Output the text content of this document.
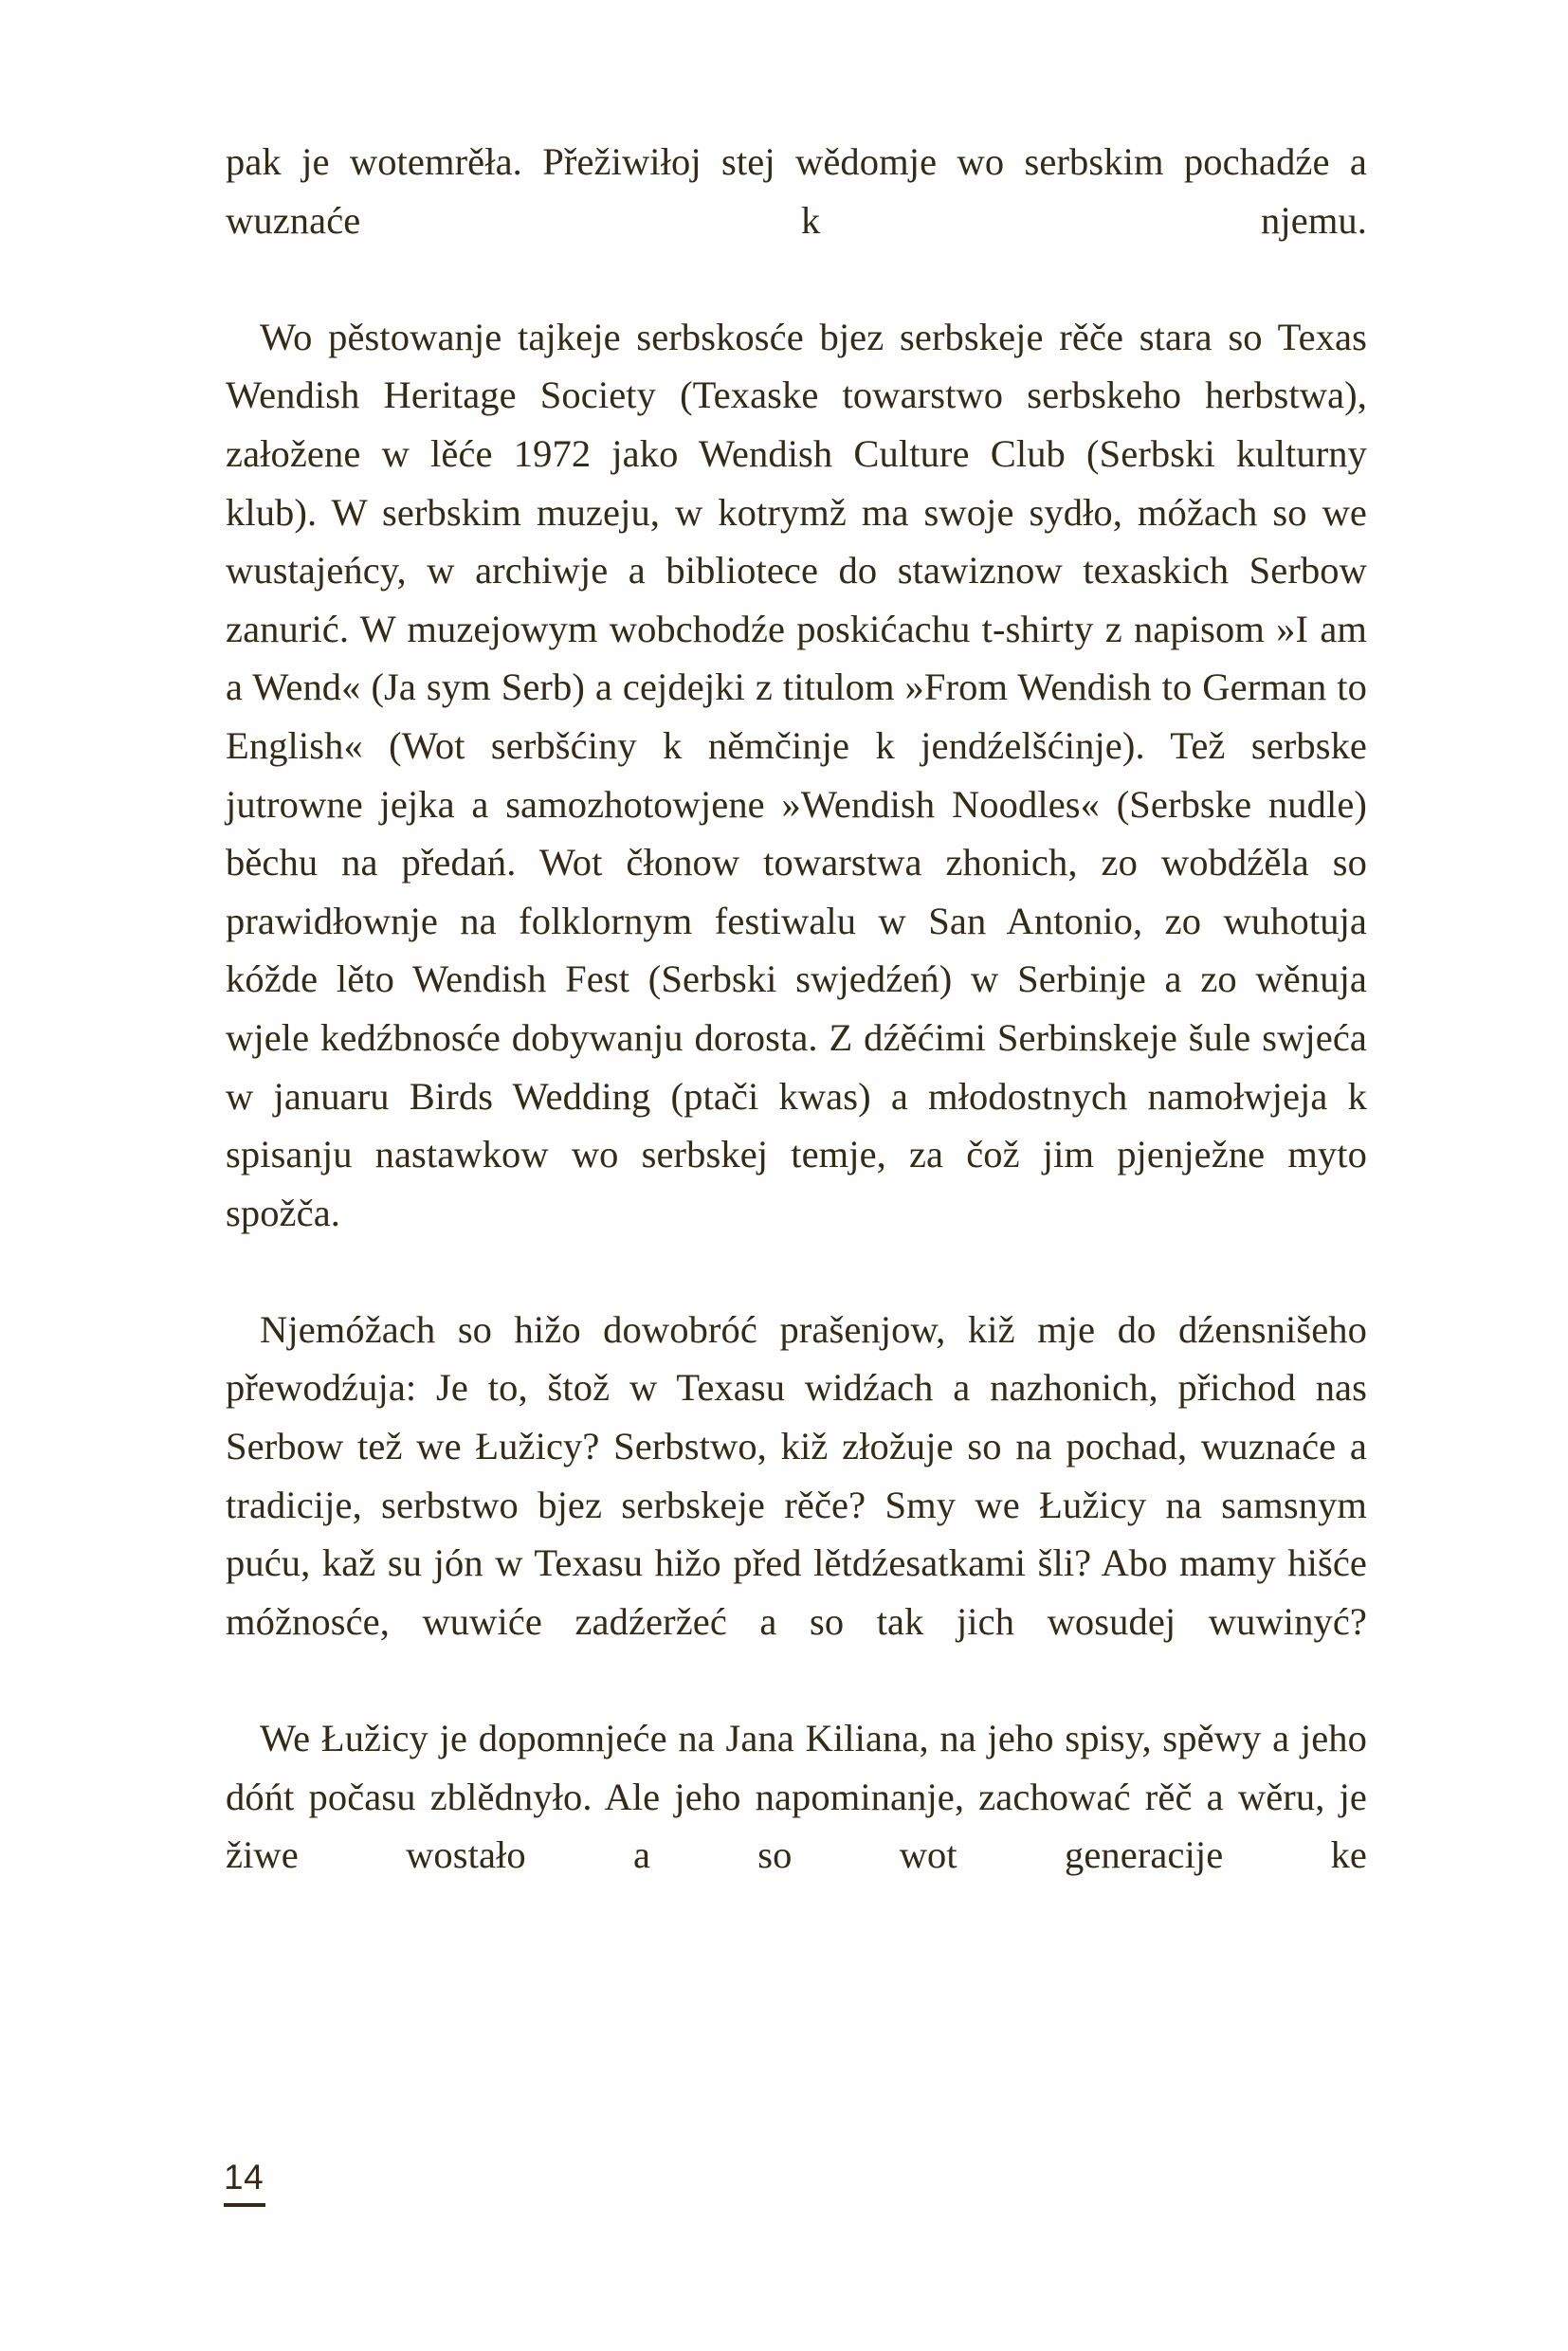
pak je wotemrěła. Přežiwiłoj stej wědomje wo serbskim pochadźe a wuznaće k njemu.

Wo pěstowanje tajkeje serbskosće bjez serbskeje rěče stara so Texas Wendish Heritage Society (Texaske towarstwo serbskeho herbstwa), załožene w lěće 1972 jako Wendish Culture Club (Serbski kulturny klub). W serbskim muzeju, w kotrymž ma swoje sydło, móžach so we wustajeńcy, w archiwje a bibliotece do stawiznow texaskich Serbow zanurić. W muzejowym wobchodźe poskićachu t-shirty z napisom »I am a Wend« (Ja sym Serb) a cejdejki z titulom »From Wendish to German to English« (Wot serbšćiny k němčinje k jendźelšćinje). Tež serbske jutrowne jejka a samozhotowjene »Wendish Noodles« (Serbske nudle) běchu na předań. Wot čłonow towarstwa zhonich, zo wobdźěla so prawidłownje na folklornym festiwalu w San Antonio, zo wuhotuja kóžde lěto Wendish Fest (Serbski swjedźeń) w Serbinje a zo wěnuja wjele kedźbnosće dobywanju dorosta. Z dźěćimi Serbinskeje šule swjeća w januaru Birds Wedding (ptači kwas) a młodostnych namołwjeja k spisanju nastawkow wo serbskej temje, za čož jim pjenježne myto spožča.

Njemóžach so hižo dowobróć prašenjow, kiž mje do dźensnišeho přewodźuja: Je to, štož w Texasu widźach a nazhonich, přichod nas Serbow tež we Łužicy? Serbstwo, kiž złožuje so na pochad, wuznaće a tradicije, serbstwo bjez serbskeje rěče? Smy we Łužicy na samsnym puću, kaž su jón w Texasu hižo před lětdźesatkami šli? Abo mamy hišće móžnosće, wuwiće zadźeržeć a so tak jich wosudej wuwinyć?

We Łužicy je dopomnjeće na Jana Kiliana, na jeho spisy, spěwy a jeho dóńt počasu zblědnyło. Ale jeho napominanje, zachować rěč a wěru, je žiwe wostało a so wot generacije ke

14
